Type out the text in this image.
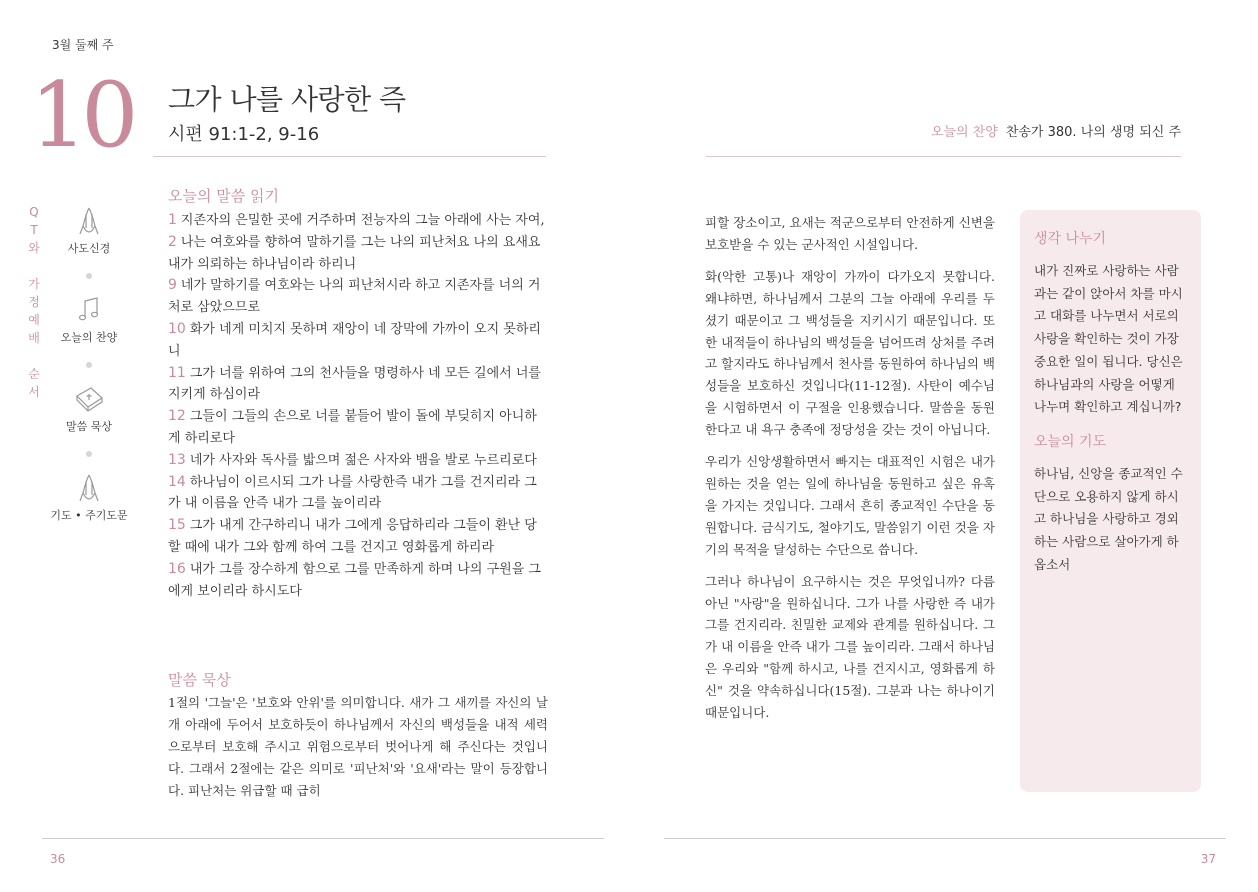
3월 둘째 주
10 그가 나를 사랑한 즉
시편 91:1-2, 9-16	오늘의 찬양 찬송가 380. 나의 생명 되신 주
Q
T
와
가
정
예
배
순
서
사도신경
오늘의 찬양
말씀 묵상
기도 • 주기도문
오늘의 말씀 읽기
1 지존자의 은밀한 곳에 거주하며 전능자의 그늘 아래에 사는 자여,
2 나는 여호와를 향하여 말하기를 그는 나의 피난처요 나의 요새요 내가 의뢰하는 하나님이라 하리니
9 네가 말하기를 여호와는 나의 피난처시라 하고 지존자를 너의 거처로 삼았으므로
10 화가 네게 미치지 못하며 재앙이 네 장막에 가까이 오지 못하리니
11 그가 너를 위하여 그의 천사들을 명령하사 네 모든 길에서 너를 지키게 하심이라
12 그들이 그들의 손으로 너를 붙들어 발이 돌에 부딪히지 아니하게 하리로다
13 네가 사자와 독사를 밟으며 젊은 사자와 뱀을 발로 누르리로다
14 하나님이 이르시되 그가 나를 사랑한즉 내가 그를 건지리라 그가 내 이름을 안즉 내가 그를 높이리라
15 그가 내게 간구하리니 내가 그에게 응답하리라 그들이 환난 당할 때에 내가 그와 함께 하여 그를 건지고 영화롭게 하리라
16 내가 그를 장수하게 함으로 그를 만족하게 하며 나의 구원을 그에게 보이리라 하시도다
말씀 묵상
1절의 '그늘'은 '보호와 안위'를 의미합니다. 새가 그 새끼를 자신의 날개 아래에 두어서 보호하듯이 하나님께서 자신의 백성들을 내적 세력으로부터 보호해 주시고 위험으로부터 벗어나게 해 주신다는 것입니다. 그래서 2절에는 같은 의미로 '피난처'와 '요새'라는 말이 등장합니다. 피난처는 위급할 때 급히

피할 장소이고, 요새는 적군으로부터 안전하게 신변을 보호받을 수 있는 군사적인 시설입니다.

화(악한 고통)나 재앙이 가까이 다가오지 못합니다. 왜냐하면, 하나님께서 그분의 그늘 아래에 우리를 두셨기 때문이고 그 백성들을 지키시기 때문입니다. 또한 내적들이 하나님의 백성들을 넘어뜨려 상처를 주려고 할지라도 하나님께서 천사를 동원하여 하나님의 백성들을 보호하신 것입니다(11-12절). 사탄이 예수님을 시험하면서 이 구절을 인용했습니다. 말씀을 동원한다고 내 욕구 충족에 정당성을 갖는 것이 아닙니다.

우리가 신앙생활하면서 빠지는 대표적인 시험은 내가 원하는 것을 얻는 일에 하나님을 동원하고 싶은 유혹을 가지는 것입니다. 그래서 흔히 종교적인 수단을 동원합니다. 금식기도, 철야기도, 말씀읽기 이런 것을 자기의 목적을 달성하는 수단으로 씁니다.

그러나 하나님이 요구하시는 것은 무엇입니까? 다름 아닌 "사랑"을 원하십니다. 그가 나를 사랑한 즉 내가 그를 건지리라. 친밀한 교제와 관계를 원하십니다. 그가 내 이름을 안즉 내가 그를 높이리라. 그래서 하나님은 우리와 "함께 하시고, 나를 건지시고, 영화롭게 하신" 것을 약속하십니다(15절). 그분과 나는 하나이기 때문입니다.

생각 나누기

내가 진짜로 사랑하는 사람과는 같이 앉아서 차를 마시고 대화를 나누면서 서로의 사랑을 확인하는 것이 가장 중요한 일이 됩니다. 당신은 하나님과의 사랑을 어떻게 나누며 확인하고 계십니까?

오늘의 기도

하나님, 신앙을 종교적인 수단으로 오용하지 않게 하시고 하나님을 사랑하고 경외하는 사람으로 살아가게 하옵소서

36	37
